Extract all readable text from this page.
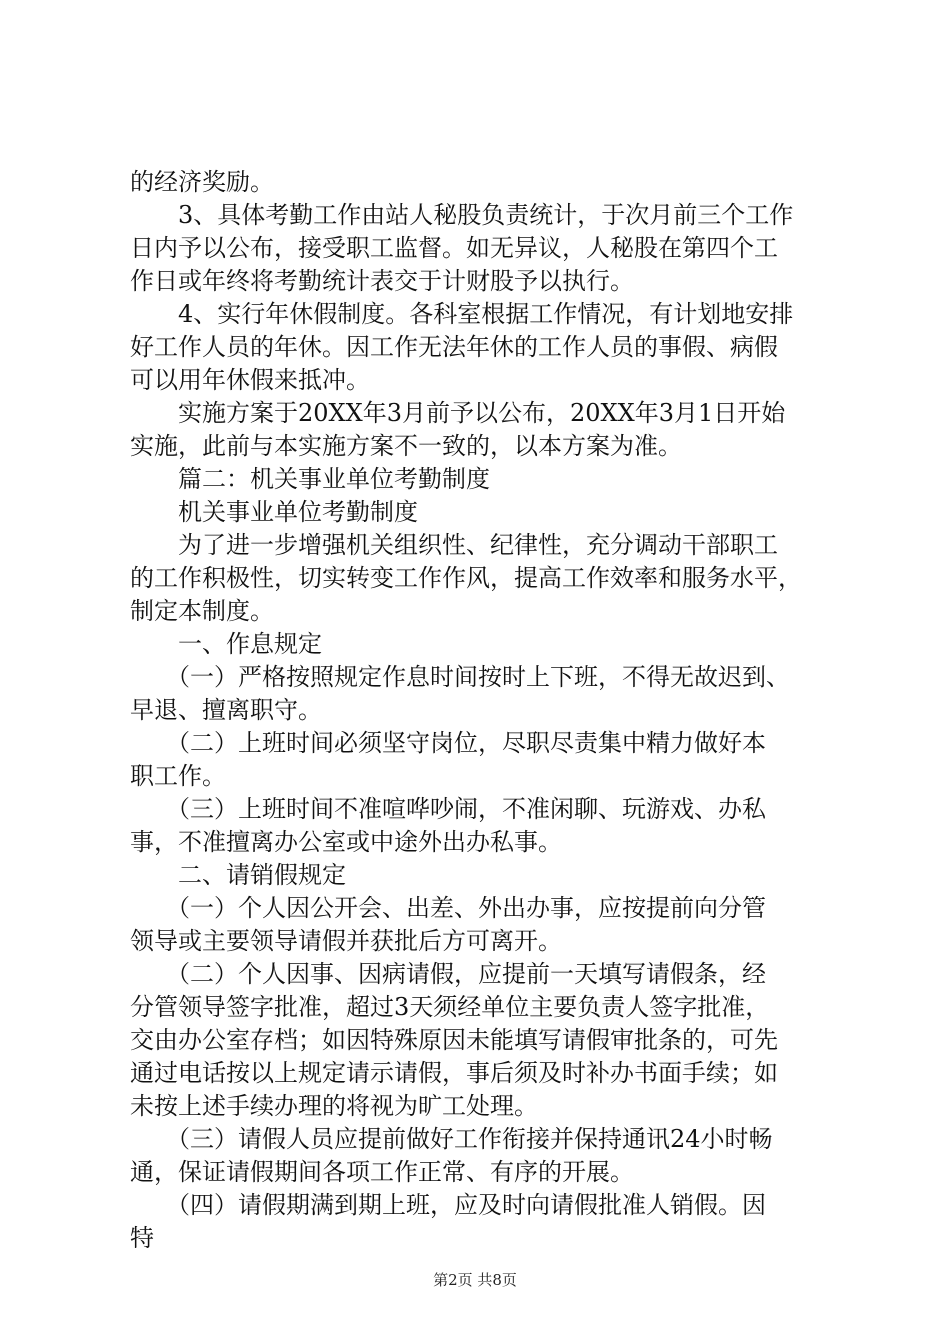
的经济奖励。
　　3、具体考勤工作由站人秘股负责统计，于次月前三个工作
日内予以公布，接受职工监督。如无异议，人秘股在第四个工
作日或年终将考勤统计表交于计财股予以执行。
　　4、实行年休假制度。各科室根据工作情况，有计划地安排
好工作人员的年休。因工作无法年休的工作人员的事假、病假
可以用年休假来抵冲。
　　实施方案于20XX年3月前予以公布，20XX年3月1日开始
实施，此前与本实施方案不一致的，以本方案为准。
　　篇二：机关事业单位考勤制度
　　机关事业单位考勤制度
　　为了进一步增强机关组织性、纪律性，充分调动干部职工
的工作积极性，切实转变工作作风，提高工作效率和服务水平，
制定本制度。
　　一、作息规定
　　（一）严格按照规定作息时间按时上下班，不得无故迟到、
早退、擅离职守。
　　（二）上班时间必须坚守岗位，尽职尽责集中精力做好本
职工作。
　　（三）上班时间不准喧哗吵闹，不准闲聊、玩游戏、办私
事，不准擅离办公室或中途外出办私事。
　　二、请销假规定
　　（一）个人因公开会、出差、外出办事，应按提前向分管
领导或主要领导请假并获批后方可离开。
　　（二）个人因事、因病请假，应提前一天填写请假条，经
分管领导签字批准，超过3天须经单位主要负责人签字批准，
交由办公室存档；如因特殊原因未能填写请假审批条的，可先
通过电话按以上规定请示请假，事后须及时补办书面手续；如
未按上述手续办理的将视为旷工处理。
　　（三）请假人员应提前做好工作衔接并保持通讯24小时畅
通，保证请假期间各项工作正常、有序的开展。
　　（四）请假期满到期上班，应及时向请假批准人销假。因
特
第2页 共8页
